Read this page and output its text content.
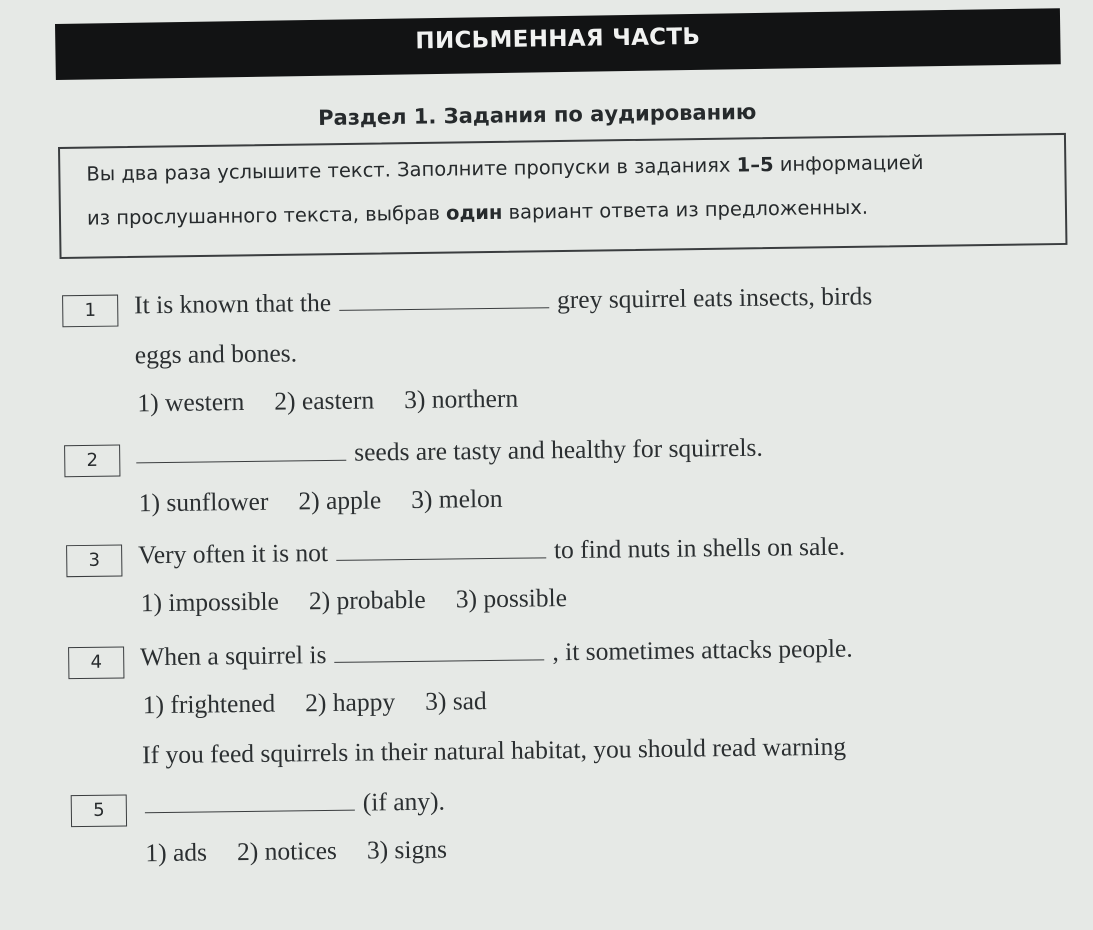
ПИСЬМЕННАЯ ЧАСТЬ
Раздел 1. Задания по аудированию
Вы два раза услышите текст. Заполните пропуски в заданиях 1–5 информацией
из прослушанного текста, выбрав один вариант ответа из предложенных.
1	It is known that the	grey squirrel eats insects, birds
eggs and bones.
1) western 2) eastern 3) northern
2	seeds are tasty and healthy for squirrels.
1) sunflower 2) apple 3) melon
3	Very often it is not	to find nuts in shells on sale.
1) impossible 2) probable 3) possible
4	When a squirrel is	, it sometimes attacks people.
1) frightened 2) happy 3) sad
If you feed squirrels in their natural habitat, you should read warning
5	(if any).
1) ads 2) notices 3) signs
